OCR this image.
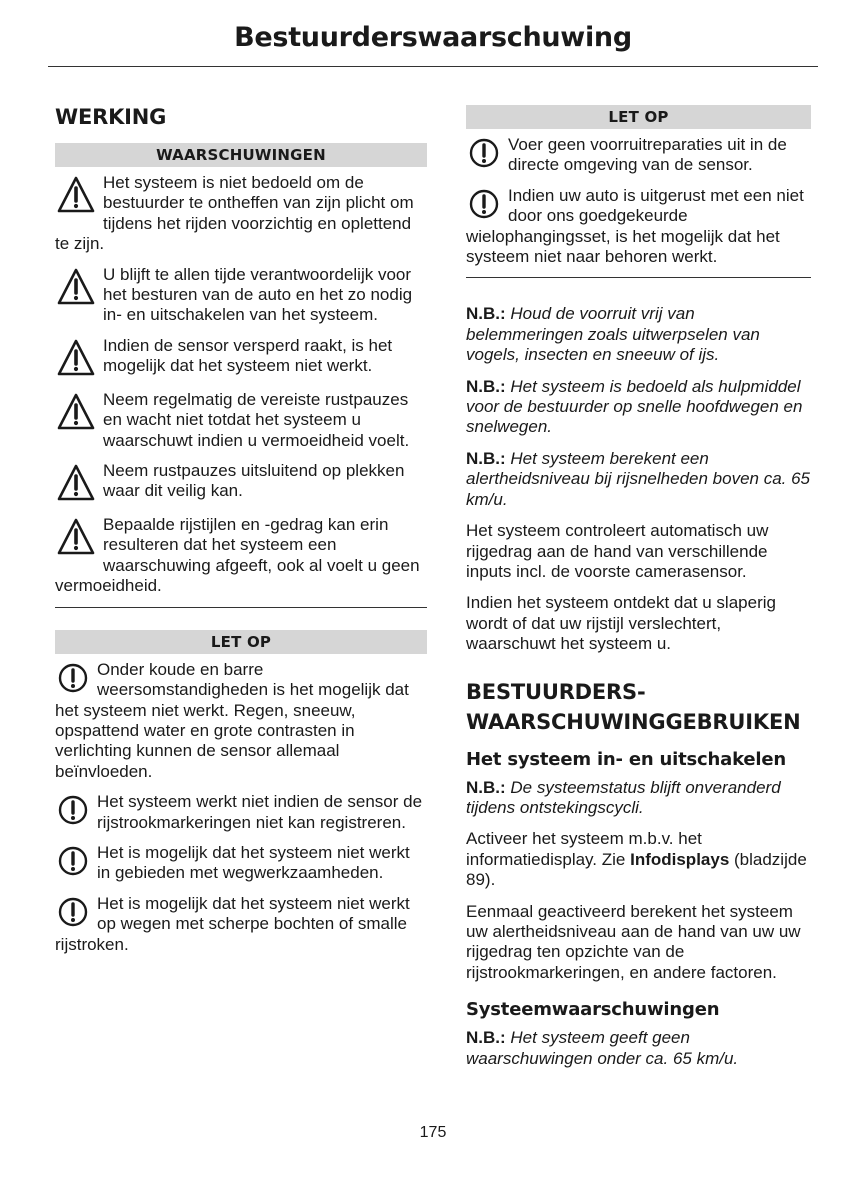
Bestuurderswaarschuwing
WERKING
WAARSCHUWINGEN
Het systeem is niet bedoeld om de bestuurder te ontheffen van zijn plicht om tijdens het rijden voorzichtig en oplettend te zijn.
U blijft te allen tijde verantwoordelijk voor het besturen van de auto en het zo nodig in- en uitschakelen van het systeem.
Indien de sensor versperd raakt, is het mogelijk dat het systeem niet werkt.
Neem regelmatig de vereiste rustpauzes en wacht niet totdat het systeem u waarschuwt indien u vermoeidheid voelt.
Neem rustpauzes uitsluitend op plekken waar dit veilig kan.
Bepaalde rijstijlen en -gedrag kan erin resulteren dat het systeem een waarschuwing afgeeft, ook al voelt u geen vermoeidheid.
LET OP
Onder koude en barre weersomstandigheden is het mogelijk dat het systeem niet werkt. Regen, sneeuw, opspattend water en grote contrasten in verlichting kunnen de sensor allemaal beïnvloeden.
Het systeem werkt niet indien de sensor de rijstrookmarkeringen niet kan registreren.
Het is mogelijk dat het systeem niet werkt in gebieden met wegwerkzaamheden.
Het is mogelijk dat het systeem niet werkt op wegen met scherpe bochten of smalle rijstroken.
LET OP
Voer geen voorruitreparaties uit in de directe omgeving van de sensor.
Indien uw auto is uitgerust met een niet door ons goedgekeurde wielophangingsset, is het mogelijk dat het systeem niet naar behoren werkt.

N.B.: Houd de voorruit vrij van belemmeringen zoals uitwerpselen van vogels, insecten en sneeuw of ijs.

N.B.: Het systeem is bedoeld als hulpmiddel voor de bestuurder op snelle hoofdwegen en snelwegen.

N.B.: Het systeem berekent een alertheidsniveau bij rijsnelheden boven ca. 65 km/u.

Het systeem controleert automatisch uw rijgedrag aan de hand van verschillende inputs incl. de voorste camerasensor.

Indien het systeem ontdekt dat u slaperig wordt of dat uw rijstijl verslechtert, waarschuwt het systeem u.

BESTUURDERS-
WAARSCHUWINGGEBRUIKEN
Het systeem in- en uitschakelen

N.B.: De systeemstatus blijft onveranderd tijdens ontstekingscycli.

Activeer het systeem m.b.v. het informatiedisplay. Zie Infodisplays (bladzijde 89).

Eenmaal geactiveerd berekent het systeem uw alertheidsniveau aan de hand van uw uw rijgedrag ten opzichte van de rijstrookmarkeringen, en andere factoren.

Systeemwaarschuwingen

N.B.: Het systeem geeft geen waarschuwingen onder ca. 65 km/u.

175
